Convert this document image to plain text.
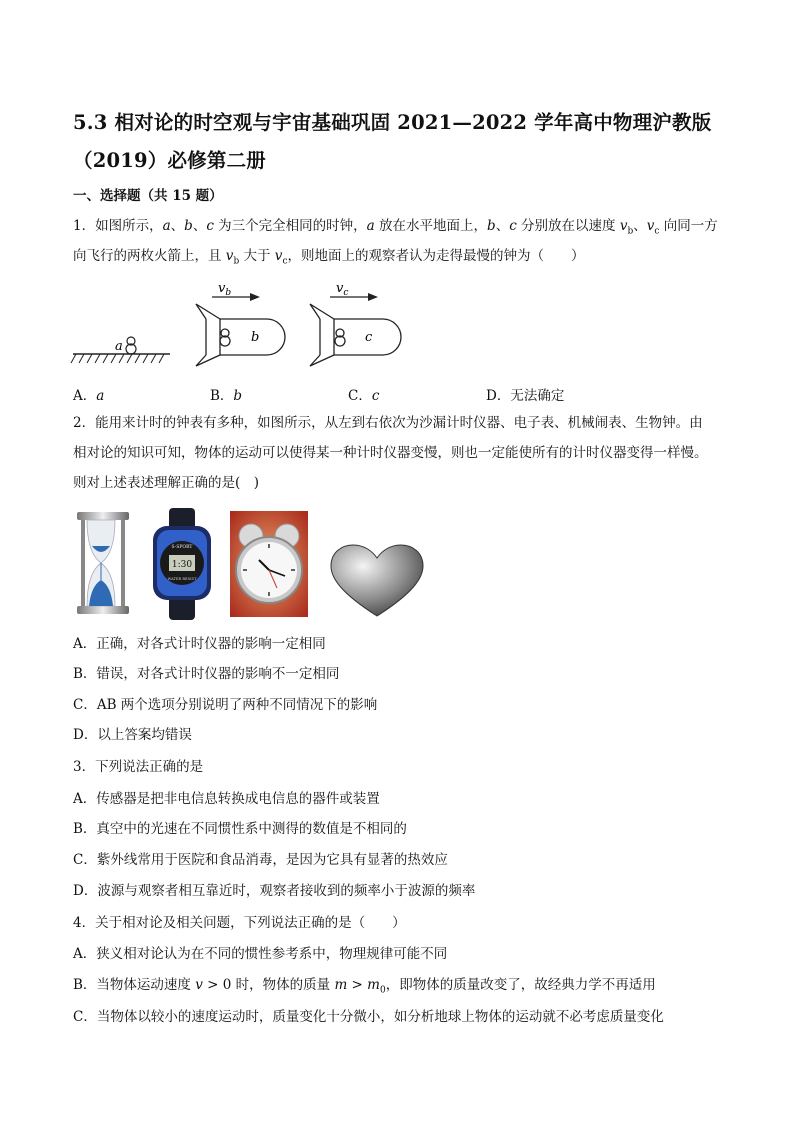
5.3 相对论的时空观与宇宙基础巩固 2021—2022 学年高中物理沪教版
（2019）必修第二册
一、选择题（共 15 题）
1．如图所示，a、b、c 为三个完全相同的时钟，a 放在水平地面上，b、c 分别放在以速度 $v_b$、$v_c$ 向同一方
向飞行的两枚火箭上，且 $v_b$ 大于 $v_c$，则地面上的观察者认为走得最慢的钟为（　　）
a
b
$v_b$
c
$v_c$
A．a	B．b	C．c	D．无法确定
2．能用来计时的钟表有多种，如图所示，从左到右依次为沙漏计时仪器、电子表、机械闹表、生物钟。由
相对论的知识可知，物体的运动可以使得某一种计时仪器变慢，则也一定能使所有的计时仪器变得一样慢。
则对上述表述理解正确的是(　)
1:30
S-SPORT
WATER RESIST
A．正确，对各式计时仪器的影响一定相同
B．错误，对各式计时仪器的影响不一定相同
C．AB 两个选项分别说明了两种不同情况下的影响
D．以上答案均错误
3．下列说法正确的是
A．传感器是把非电信息转换成电信息的器件或装置
B．真空中的光速在不同惯性系中测得的数值是不相同的
C．紫外线常用于医院和食品消毒，是因为它具有显著的热效应
D．波源与观察者相互靠近时，观察者接收到的频率小于波源的频率
4．关于相对论及相关问题，下列说法正确的是（　　）
A．狭义相对论认为在不同的惯性参考系中，物理规律可能不同
B．当物体运动速度 v > 0 时，物体的质量 $m > m_0$，即物体的质量改变了，故经典力学不再适用
C．当物体以较小的速度运动时，质量变化十分微小，如分析地球上物体的运动就不必考虑质量变化
